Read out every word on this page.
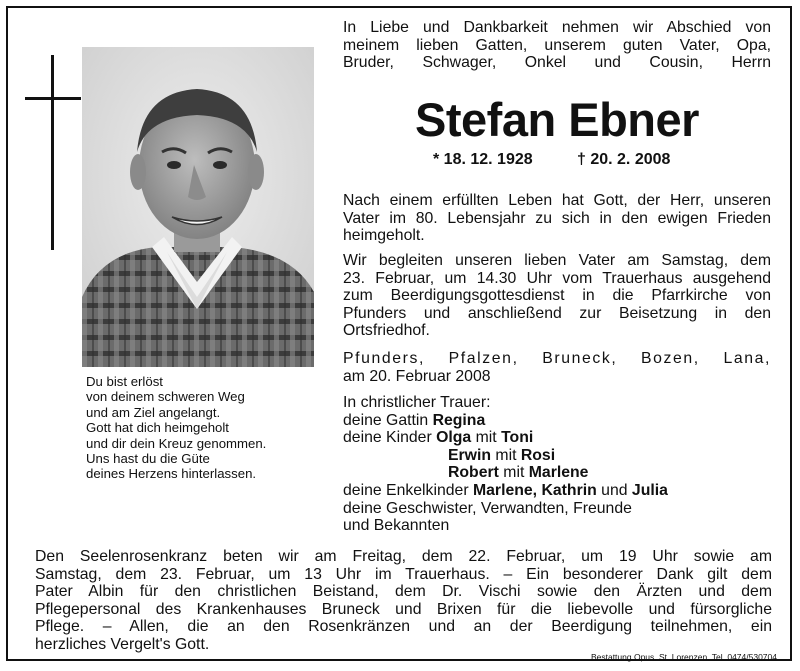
Du bist erlöst
von deinem schweren Weg
und am Ziel angelangt.
Gott hat dich heimgeholt
und dir dein Kreuz genommen.
Uns hast du die Güte
deines Herzens hinterlassen.
In Liebe und Dankbarkeit nehmen wir Abschied von
meinem lieben Gatten, unserem guten Vater, Opa,
Bruder, Schwager, Onkel und Cousin, Herrn
Stefan Ebner
* 18. 12. 1928	† 20. 2. 2008
Nach einem erfüllten Leben hat Gott, der Herr, unseren
Vater im 80. Lebensjahr zu sich in den ewigen Frieden
heimgeholt.
Wir begleiten unseren lieben Vater am Samstag, dem
23. Februar, um 14.30 Uhr vom Trauerhaus ausgehend
zum Beerdigungsgottesdienst in die Pfarrkirche von
Pfunders und anschließend zur Beisetzung in den
Ortsfriedhof.
Pfunders, Pfalzen, Bruneck, Bozen, Lana,
am 20. Februar 2008
In christlicher Trauer:
deine Gattin Regina
deine Kinder Olga mit Toni
Erwin mit Rosi
Robert mit Marlene
deine Enkelkinder Marlene, Kathrin und Julia
deine Geschwister, Verwandten, Freunde
und Bekannten
Den Seelenrosenkranz beten wir am Freitag, dem 22. Februar, um 19 Uhr sowie am
Samstag, dem 23. Februar, um 13 Uhr im Trauerhaus. – Ein besonderer Dank gilt dem
Pater Albin für den christlichen Beistand, dem Dr. Vischi sowie den Ärzten und dem
Pflegepersonal des Krankenhauses Bruneck und Brixen für die liebevolle und fürsorgliche
Pflege. – Allen, die an den Rosenkränzen und an der Beerdigung teilnehmen, ein
herzliches Vergelt's Gott.
Bestattung Opus, St. Lorenzen, Tel. 0474/530704
